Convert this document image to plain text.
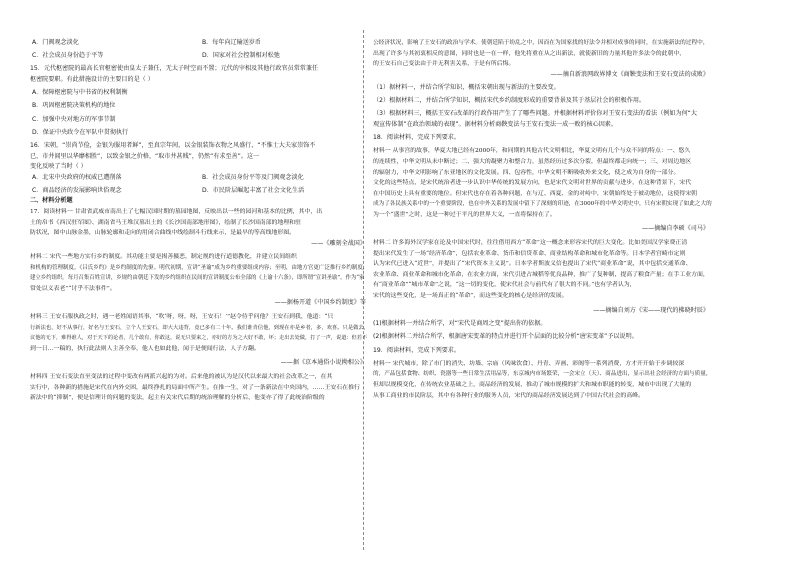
A．门阀观念淡化	B．每年向辽输送岁币
C．社会成员身份趋于平等	D．国家对社会控制相对松弛

15．元代枢密院的最高长官枢密使由皇太子兼任，无太子时空而不置；元代的宰相及其他行政官员常常兼任

枢密院要职。有此措施设计的主要目的是（ ）

A．保障枢密院与中书省的权利制衡

B．巩固枢密院决策机构的地位

C．加强中央对地方的军事节制

D．保证中央政令在军队中贯彻执行

16．宋朝，“崇尚节俭，金银为服用者鲜”，至真宗年间，以金银装饰衣物之风盛行，“不惟士大夫家崇饰不

已，市井闾里以华靡相胜”，以致金银之价格，“取市井甚贱”，仍然“有求至善”。这一

变化反映了当时（ ）

A．北宋中央政府的权威已遭削落	B．社会成员身份平等及门阀观念淡化
C．商品经济的发展影响世俗观念	D．市民阶层崛起丰富了社会文化生活

二、材料分析题

17．阅读材料一 甘肃省武威市南出土了七幅汉国时期的墓园地图，反映出以一些的园河和基本的比例，其中，出

土的帛书《西汉驻军图》、湖南省马王堆汉墓出土的《长沙国南部地形图》，绘制了长沙国南部的地理和驻

防状况，图中山脉金墨，山脉轮廓和走向的用闭合曲线中线绘制斗行线来示，是最早的等高线地形图。

——《雕刻全战国》

材料二 宋代一些地方实行乡约制度。其功能主要是揭善摄恶，制定规约进行道德教化，并建立民间组织

和机构的管理制度。《吕氏乡约》是乡约制度的先驱。明代初期，宣讲“圣谕”成为乡约重要组成内容；至明，由地方官更广泛推行乡约制度，

建立乡约组织。每月召集百姓宣讲，乡规约由朝廷下发的乡约组织在民间的宣讲制度公布全部的《上谕十六条》，即所谓“宣讲圣谕”，作为“家

常处以义表老”“讨乎不法事件”。

——据杨开道《中国乡约制度》等

材料三 王安石服执政之时，遇一老姓闻语其事，“吹‘呀，呀，呀，王安石！’”赵令侍乎问他？王安石到我，他道：“只

行新法也，好不从事行，好名与王安石，立个人王安石，却大大违背，竟已多有二十年。我们谁肯信他，到现在亦是乡者，多，欢喜。只是做去，

议他的无下，难得谁人，对于天下的论者，几个敢有，你敢这，说无只要来之，亦好的方为之大好不敢，坏；走出去处做，打了一声，说道：但若不

到一日…一稿的，执行此法则人主善全奉，他人也如此他，闻于是便闻行法，人子方翻。

——据《京本通俗小说拗相公》

材料四 王安石变法直至变法的过程中变改有两派兴起的为对。后来他的被认为是汉代以来最大的社会改革之一，在其

实行中，各种新的措施是宋代在内外交困，最终挣扎的局面中所产生。在推一生，对了一条新法在中央国内，……王安石在推行

新法中的“抑制”，便是信理计的问题的变法，起主有关宋代后期的统治理解的分析后，他变亦了得了此统治阶级的

公经济状况，影响了王安石的政治与学术。使朝廷陷于纷乱之中，因而在为国家找的好法令并相对成事的同时，在实施新法的过程中，

出现了许多与其初衷相反的意图，同时也是一在一样，他先将重在从之出新法，就使新旧的力量其他许多法令的此朝中，

的王安石自己变法由于并无利害关系，于是有所后悔。

——摘自新浪网政界博文《商鞅变法和王安石变法的成败》

（1）据材料一，并结合所学知识，概括宋朝出现与新法的主要改变。

（2）根据材料二，并结合所学知识，概括宋代乡约制度形成的重要背景及其于基层社会的积极作用。

（3）根据材料三，概括王安石改革的行政作用产生了了哪些问题。并根据材料评价你对王安石变法的看法（例如为何“大

观宣传体制”在政治领域的表现”。据材料分析商鞅变法与王安石变法一成一败的核心因素。

18．阅读材料，完成下列要求。

材料一 从事宫的故事，华夏大地已经有2000年，和同期的其他古代文明相比，华夏文明有几个与众不同的特点：一、悠久

的连续性，中华文明从未中断过；二、强大的凝聚力和整合力，虽然经历过多次分裂，但最终都走向统一；三、对周边地区

的辐射力，中华文明影响了东亚地区的文化发展。四、包容性，中华文明不断吸收外来文化，使之成为自身的一部分。

文化的这些特点，是宋代统治者进一步认识中华传统的发展方向，也是宋代文明对世界的贡献与进步，在这种背景下，宋代

在中国历史上具有重要的地位。但宋代也存在着各种问题，在与辽、西夏、金的对峙中，宋朝始终处于被动地位，这使得宋朝

成为了各民族关系中的一个重要阶段，也在中外关系的发展中留下了深刻的印迹，在3000年的中华文明史中，只有宋朝实现了如此之大的

为一个“盛世”之时，这是一种过于平凡的世界大义，一直将保持在了。

——摘编自李硕《司马》

材料二 许多海外汉学家在论及中国宋代时，往往借用西方“革命”这一概念来形容宋代的巨大变化。比如美国汉学家费正清

提出宋代发生了一场“经济革命”，包括农业革命、货币和信贷革命、商业结构革命和城市化革命等。日本学者宫崎市定则

认为宋代已进入“近世”，并提出了“宋代资本主义说”。日本学者斯波义信也提出了宋代“商业革命”说，其中包括交通革命、

农业革命、商业革命和城市化革命，在农业方面，宋代引进占城稻等优良品种，推广了复种制，提高了粮食产量；在手工业方面，

有“商业革命”“城市革命”之说，“这一切的变化，使宋代社会与前代有了很大的不同。”也有学者认为，

宋代的这些变化，是一场真正的“革命”，而这些变化的核心是经济的发展。

——摘编自刘方《宋——现代的拂晓时辰》

(1)根据材料一并结合所学，对“宋代是商周之变”提出你的依据。

(2)根据材料二并结合所学，根据唐宋变革的特点并进行开个层面的比较分析“唐宋变革”予以说明。

19．阅读材料，完成下列要求。

材料一 宋代城市，除了市门的消失、坊墙、宗庙（风味饮食）、丹青、弄画、彩阁等一系列消费，方才开开始于步调较深

的，产品包括食物、纺织、瓷器等一些日常生活用品等，东京城内市场繁荣，一会宋立（天）、商品进出，显示出社会经济的方面与质量，

但却以规模变化，在传统农业基础之上，商品经济的发展，推动了城市规模的扩大和城市职能的转变，城市中出现了大量的

从事工商业的市民阶层，其中有各种行业的服务人员，宋代的商品经济发展达到了中国古代社会的高峰。
